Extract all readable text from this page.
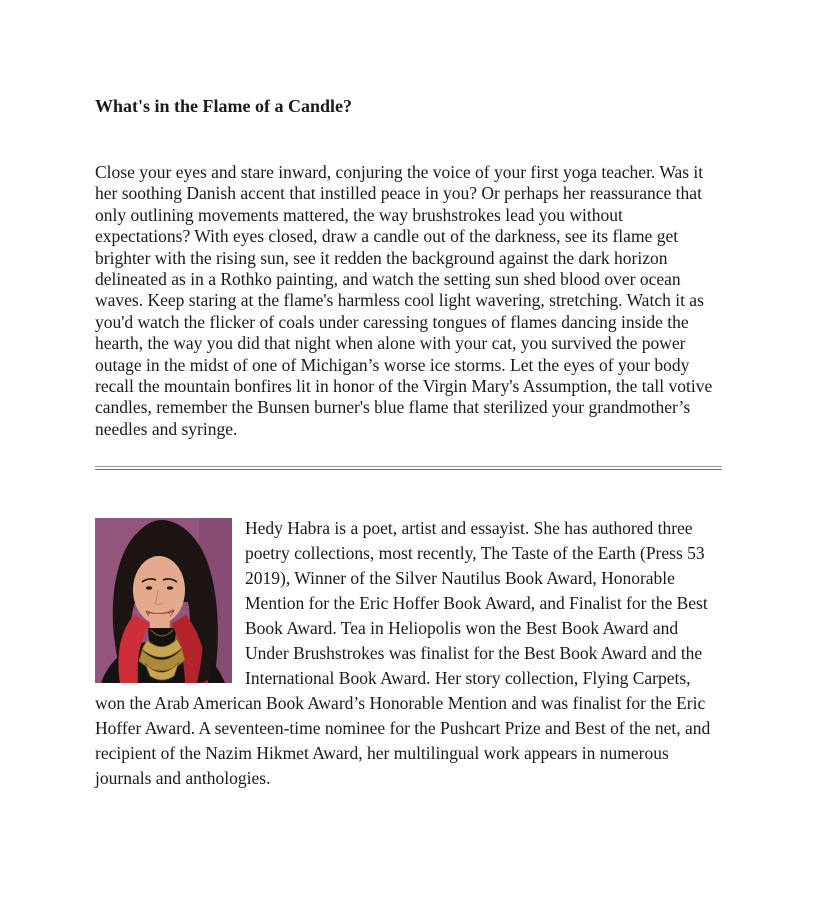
What's in the Flame of a Candle?

Close your eyes and stare inward, conjuring the voice of your first yoga teacher. Was it her soothing Danish accent that instilled peace in you? Or perhaps her reassurance that only outlining movements mattered, the way brushstrokes lead you without expectations? With eyes closed, draw a candle out of the darkness, see its flame get brighter with the rising sun, see it redden the background against the dark horizon delineated as in a Rothko painting, and watch the setting sun shed blood over ocean waves. Keep staring at the flame's harmless cool light wavering, stretching. Watch it as you'd watch the flicker of coals under caressing tongues of flames dancing inside the hearth, the way you did that night when alone with your cat, you survived the power outage in the midst of one of Michigan’s worse ice storms. Let the eyes of your body recall the mountain bonfires lit in honor of the Virgin Mary's Assumption, the tall votive candles, remember the Bunsen burner's blue flame that sterilized your grandmother’s needles and syringe.

Hedy Habra is a poet, artist and essayist. She has authored three poetry collections, most recently, The Taste of the Earth (Press 53 2019), Winner of the Silver Nautilus Book Award, Honorable Mention for the Eric Hoffer Book Award, and Finalist for the Best Book Award. Tea in Heliopolis won the Best Book Award and Under Brushstrokes was finalist for the Best Book Award and the International Book Award. Her story collection, Flying Carpets, won the Arab American Book Award’s Honorable Mention and was finalist for the Eric Hoffer Award. A seventeen-time nominee for the Pushcart Prize and Best of the net, and recipient of the Nazim Hikmet Award, her multilingual work appears in numerous journals and anthologies.
